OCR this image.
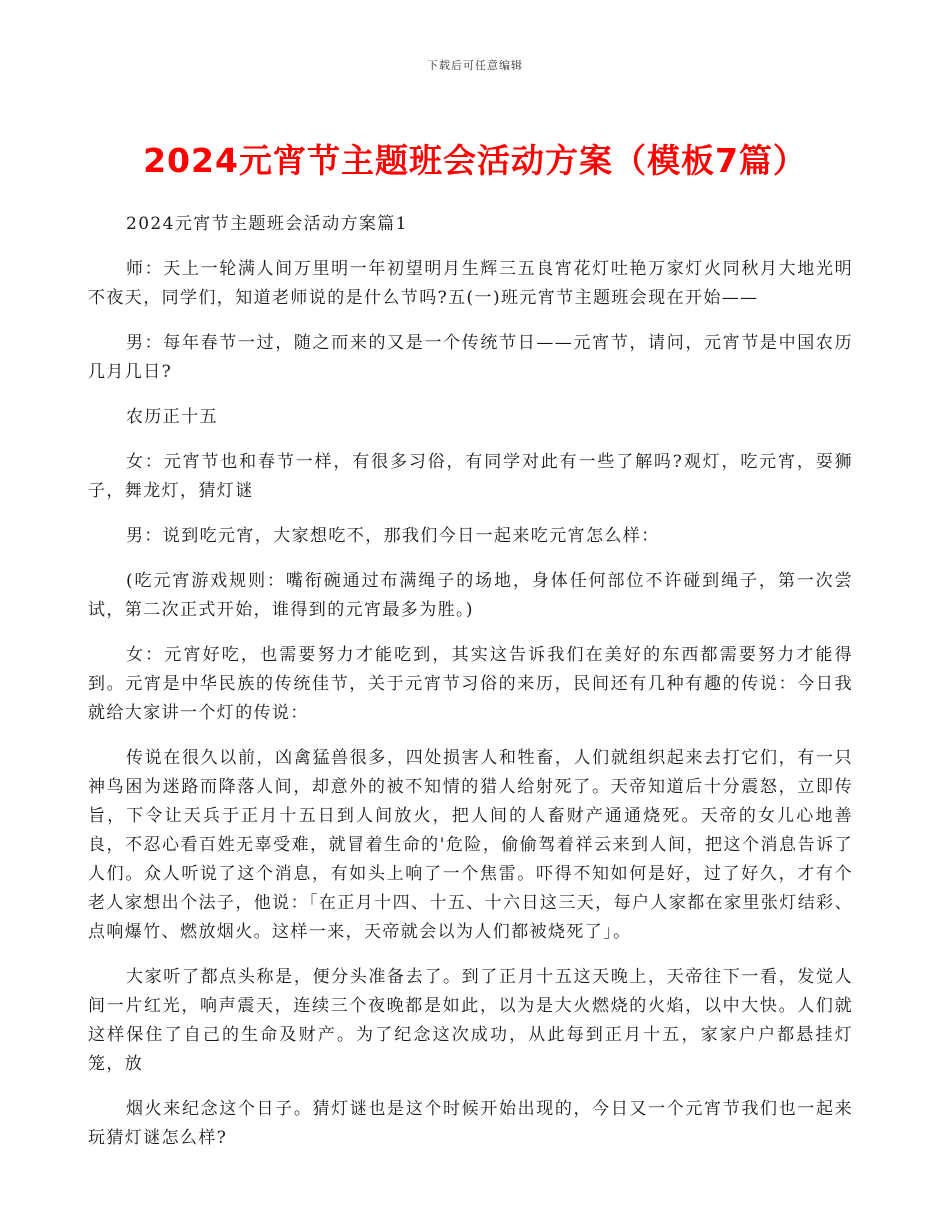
下载后可任意编辑
2024元宵节主题班会活动方案（模板7篇）

2024元宵节主题班会活动方案篇1

师：天上一轮满人间万里明一年初望明月生辉三五良宵花灯吐艳万家灯火同秋月大地光明不夜天，同学们，知道老师说的是什么节吗?五(一)班元宵节主题班会现在开始——

男：每年春节一过，随之而来的又是一个传统节日——元宵节，请问，元宵节是中国农历几月几日?

农历正十五

女：元宵节也和春节一样，有很多习俗，有同学对此有一些了解吗?观灯，吃元宵，耍狮子，舞龙灯，猜灯谜

男：说到吃元宵，大家想吃不，那我们今日一起来吃元宵怎么样：

(吃元宵游戏规则：嘴衔碗通过布满绳子的场地，身体任何部位不许碰到绳子，第一次尝试，第二次正式开始，谁得到的元宵最多为胜。)

女：元宵好吃，也需要努力才能吃到，其实这告诉我们在美好的东西都需要努力才能得到。元宵是中华民族的传统佳节，关于元宵节习俗的来历，民间还有几种有趣的传说：今日我就给大家讲一个灯的传说：

传说在很久以前，凶禽猛兽很多，四处损害人和牲畜，人们就组织起来去打它们，有一只神鸟困为迷路而降落人间，却意外的被不知情的猎人给射死了。天帝知道后十分震怒，立即传旨，下令让天兵于正月十五日到人间放火，把人间的人畜财产通通烧死。天帝的女儿心地善良，不忍心看百姓无辜受难，就冒着生命的'危险，偷偷驾着祥云来到人间，把这个消息告诉了人们。众人听说了这个消息，有如头上响了一个焦雷。吓得不知如何是好，过了好久，才有个老人家想出个法子，他说：「在正月十四、十五、十六日这三天，每户人家都在家里张灯结彩、点响爆竹、燃放烟火。这样一来，天帝就会以为人们都被烧死了」。

大家听了都点头称是，便分头准备去了。到了正月十五这天晚上，天帝往下一看，发觉人间一片红光，响声震天，连续三个夜晚都是如此，以为是大火燃烧的火焰，以中大快。人们就这样保住了自己的生命及财产。为了纪念这次成功，从此每到正月十五，家家户户都悬挂灯笼，放

烟火来纪念这个日子。猜灯谜也是这个时候开始出现的，今日又一个元宵节我们也一起来玩猜灯谜怎么样?
